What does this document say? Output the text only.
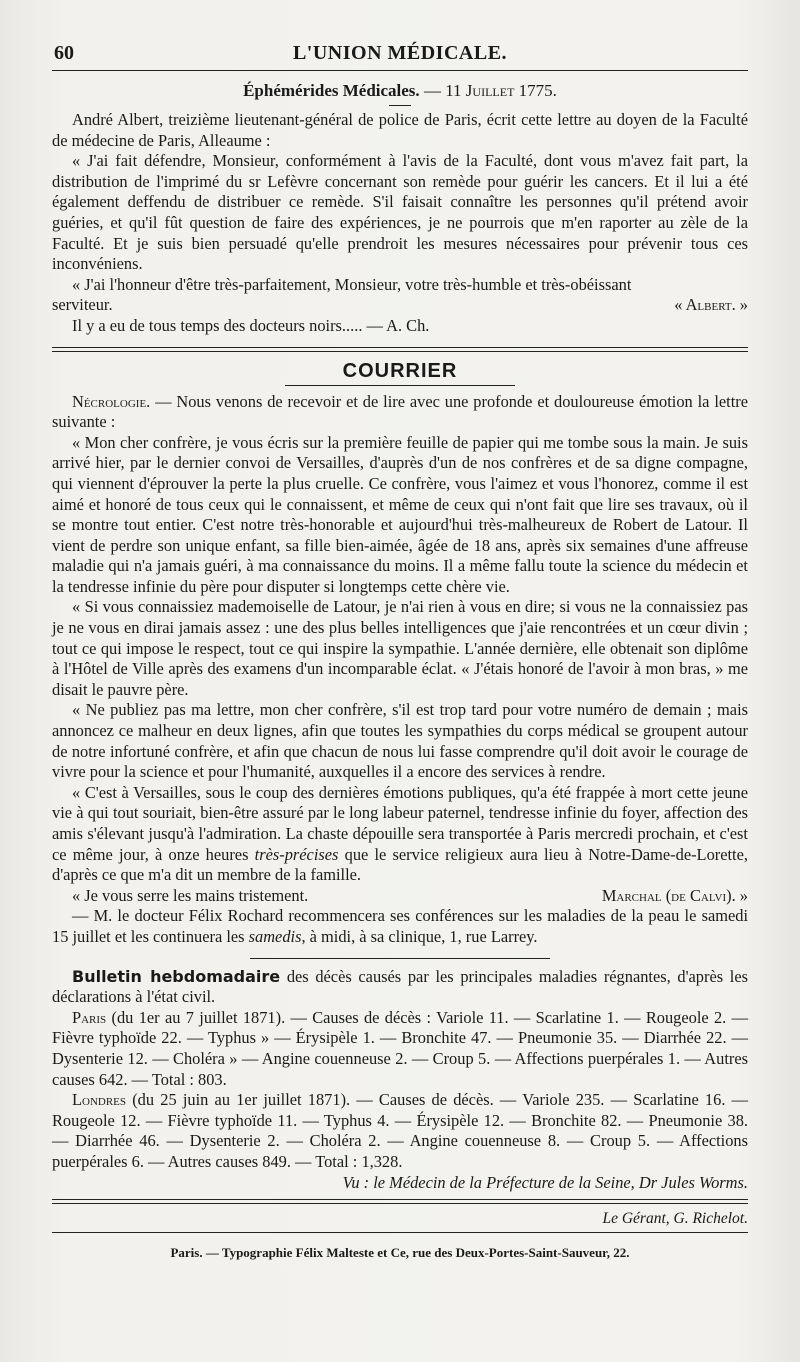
60	L'UNION MÉDICALE.
Éphémérides Médicales. — 11 Juillet 1775.

André Albert, treizième lieutenant-général de police de Paris, écrit cette lettre au doyen de la Faculté de médecine de Paris, Alleaume :

« J'ai fait défendre, Monsieur, conformément à l'avis de la Faculté, dont vous m'avez fait part, la distribution de l'imprimé du sr Lefèvre concernant son remède pour guérir les cancers. Et il lui a été également deffendu de distribuer ce remède. S'il faisait connaître les personnes qu'il prétend avoir guéries, et qu'il fût question de faire des expériences, je ne pourrois que m'en raporter au zèle de la Faculté. Et je suis bien persuadé qu'elle prendroit les mesures nécessaires pour prévenir tous ces inconvéniens.

« J'ai l'honneur d'être très-parfaitement, Monsieur, votre très-humble et très-obéissant

serviteur.	« Albert. »

Il y a eu de tous temps des docteurs noirs..... — A. Ch.

COURRIER

Nécrologie. — Nous venons de recevoir et de lire avec une profonde et douloureuse émotion la lettre suivante :

« Mon cher confrère, je vous écris sur la première feuille de papier qui me tombe sous la main. Je suis arrivé hier, par le dernier convoi de Versailles, d'auprès d'un de nos confrères et de sa digne compagne, qui viennent d'éprouver la perte la plus cruelle. Ce confrère, vous l'aimez et vous l'honorez, comme il est aimé et honoré de tous ceux qui le connaissent, et même de ceux qui n'ont fait que lire ses travaux, où il se montre tout entier. C'est notre très-honorable et aujourd'hui très-malheureux de Robert de Latour. Il vient de perdre son unique enfant, sa fille bien-aimée, âgée de 18 ans, après six semaines d'une affreuse maladie qui n'a jamais guéri, à ma connaissance du moins. Il a même fallu toute la science du médecin et la tendresse infinie du père pour disputer si longtemps cette chère vie.

« Si vous connaissiez mademoiselle de Latour, je n'ai rien à vous en dire; si vous ne la connaissiez pas je ne vous en dirai jamais assez : une des plus belles intelligences que j'aie rencontrées et un cœur divin ; tout ce qui impose le respect, tout ce qui inspire la sympathie. L'année dernière, elle obtenait son diplôme à l'Hôtel de Ville après des examens d'un incomparable éclat. « J'étais honoré de l'avoir à mon bras, » me disait le pauvre père.

« Ne publiez pas ma lettre, mon cher confrère, s'il est trop tard pour votre numéro de demain ; mais annoncez ce malheur en deux lignes, afin que toutes les sympathies du corps médical se groupent autour de notre infortuné confrère, et afin que chacun de nous lui fasse comprendre qu'il doit avoir le courage de vivre pour la science et pour l'humanité, auxquelles il a encore des services à rendre.

« C'est à Versailles, sous le coup des dernières émotions publiques, qu'a été frappée à mort cette jeune vie à qui tout souriait, bien-être assuré par le long labeur paternel, tendresse infinie du foyer, affection des amis s'élevant jusqu'à l'admiration. La chaste dépouille sera transportée à Paris mercredi prochain, et c'est ce même jour, à onze heures très-précises que le service religieux aura lieu à Notre-Dame-de-Lorette, d'après ce que m'a dit un membre de la famille.

« Je vous serre les mains tristement.	Marchal (de Calvi). »

— M. le docteur Félix Rochard recommencera ses conférences sur les maladies de la peau le samedi 15 juillet et les continuera les samedis, à midi, à sa clinique, 1, rue Larrey.

Bulletin hebdomadaire des décès causés par les principales maladies régnantes, d'après les déclarations à l'état civil.

Paris (du 1er au 7 juillet 1871). — Causes de décès : Variole 11. — Scarlatine 1. — Rougeole 2. — Fièvre typhoïde 22. — Typhus » — Érysipèle 1. — Bronchite 47. — Pneumonie 35. — Diarrhée 22. — Dysenterie 12. — Choléra » — Angine couenneuse 2. — Croup 5. — Affections puerpérales 1. — Autres causes 642. — Total : 803.

Londres (du 25 juin au 1er juillet 1871). — Causes de décès. — Variole 235. — Scarlatine 16. — Rougeole 12. — Fièvre typhoïde 11. — Typhus 4. — Érysipèle 12. — Bronchite 82. — Pneumonie 38. — Diarrhée 46. — Dysenterie 2. — Choléra 2. — Angine couenneuse 8. — Croup 5. — Affections puerpérales 6. — Autres causes 849. — Total : 1,328.

Vu : le Médecin de la Préfecture de la Seine, Dr Jules Worms.

Le Gérant, G. Richelot.
Paris. — Typographie Félix Malteste et Ce, rue des Deux-Portes-Saint-Sauveur, 22.
